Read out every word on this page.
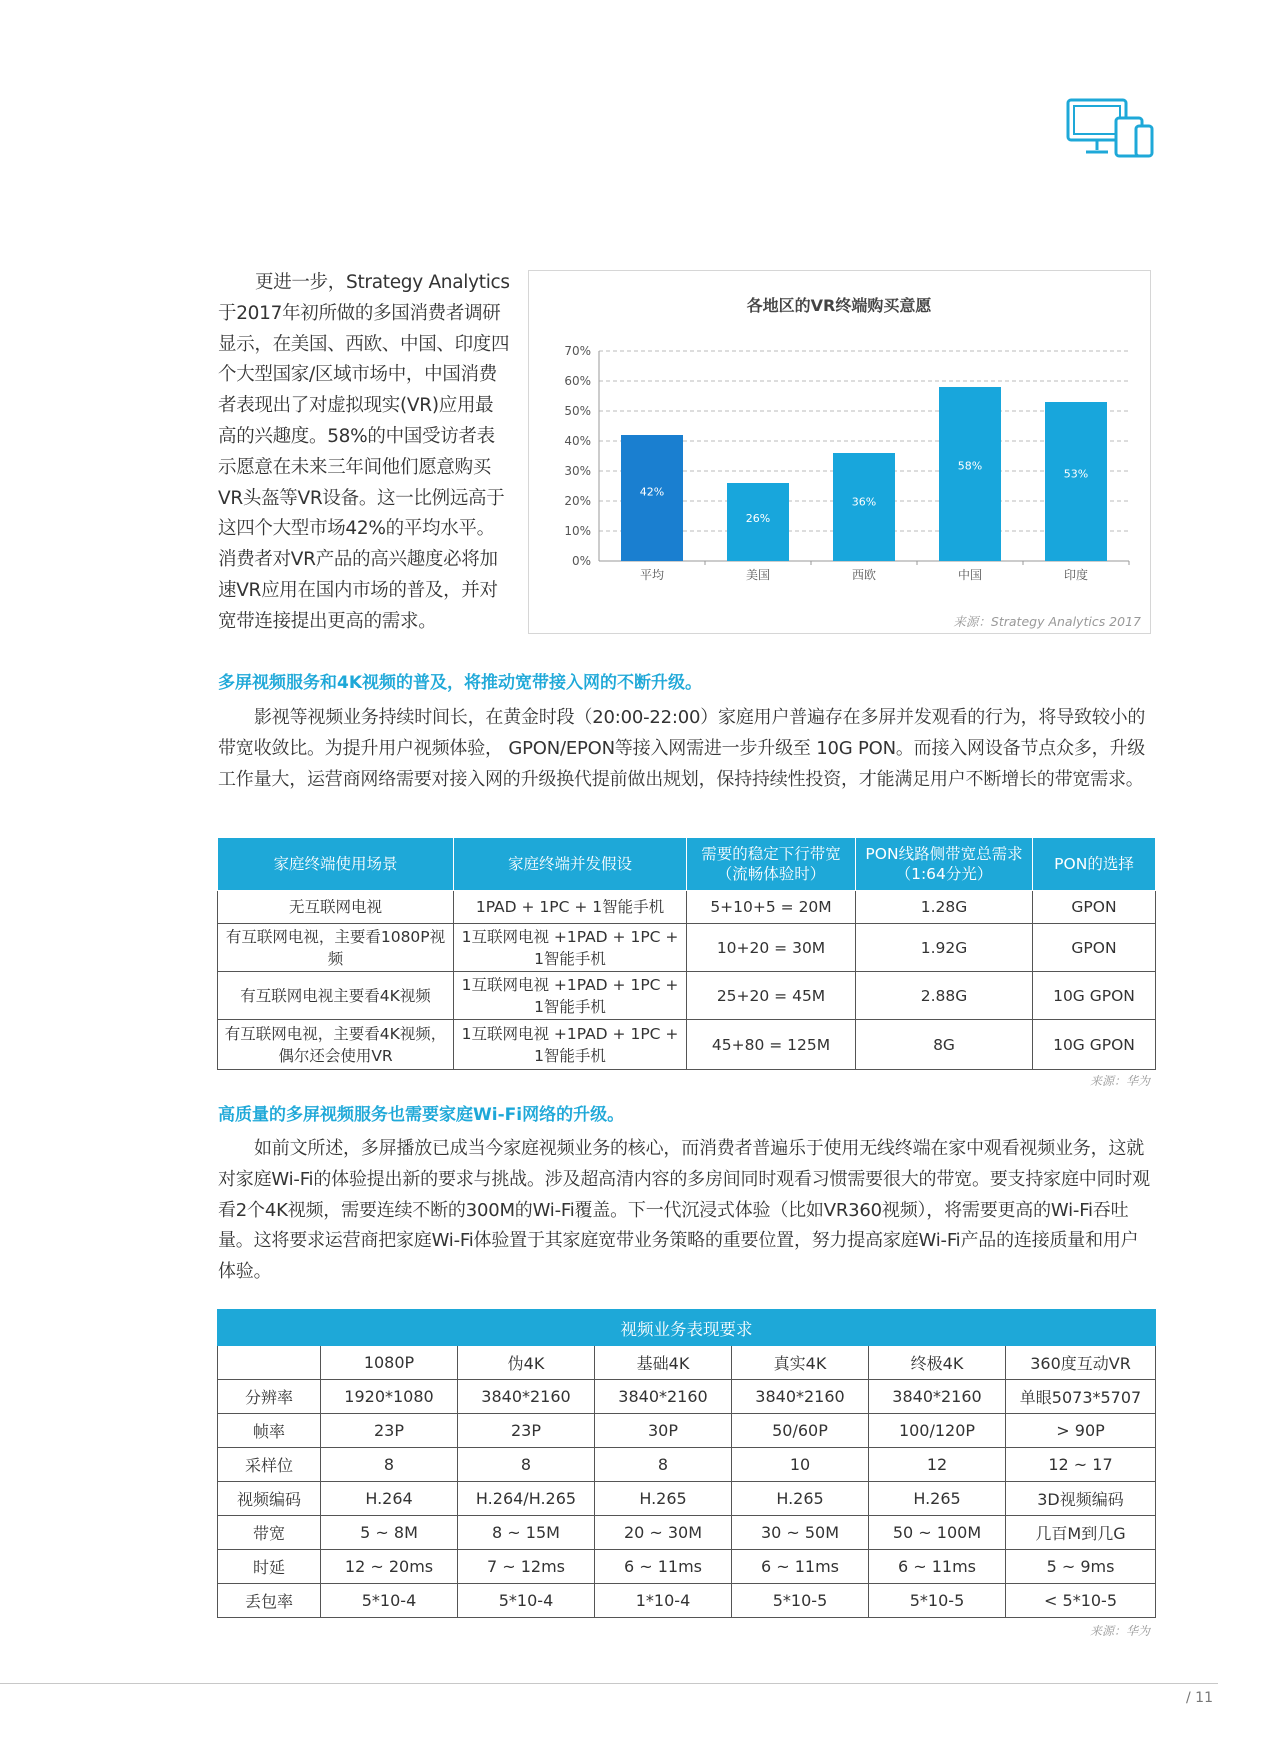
更进一步，Strategy Analytics于2017年初所做的多国消费者调研显示，在美国、西欧、中国、印度四个大型国家/区域市场中，中国消费者表现出了对虚拟现实(VR)应用最高的兴趣度。58%的中国受访者表示愿意在未来三年间他们愿意购买VR头盔等VR设备。这一比例远高于这四个大型市场42%的平均水平。消费者对VR产品的高兴趣度必将加速VR应用在国内市场的普及，并对宽带连接提出更高的需求。

各地区的VR终端购买意愿
0%
10%
20%
30%
40%
50%
60%
70%
42%
平均
26%
美国
36%
西欧
58%
中国
53%
印度
来源：Strategy Analytics 2017
多屏视频服务和4K视频的普及，将推动宽带接入网的不断升级。

影视等视频业务持续时间长，在黄金时段（20:00-22:00）家庭用户普遍存在多屏并发观看的行为，将导致较小的带宽收敛比。为提升用户视频体验， GPON/EPON等接入网需进一步升级至 10G PON。而接入网设备节点众多，升级工作量大，运营商网络需要对接入网的升级换代提前做出规划，保持持续性投资，才能满足用户不断增长的带宽需求。

家庭终端使用场景	家庭终端并发假设	需要的稳定下行带宽（流畅体验时）	PON线路侧带宽总需求（1:64分光）	PON的选择
无互联网电视	1PAD + 1PC + 1智能手机	5+10+5 = 20M	1.28G	GPON
有互联网电视，主要看1080P视频	1互联网电视 +1PAD + 1PC + 1智能手机	10+20 = 30M	1.92G	GPON
有互联网电视主要看4K视频	1互联网电视 +1PAD + 1PC + 1智能手机	25+20 = 45M	2.88G	10G GPON
有互联网电视，主要看4K视频，偶尔还会使用VR	1互联网电视 +1PAD + 1PC + 1智能手机	45+80 = 125M	8G	10G GPON
来源：华为
高质量的多屏视频服务也需要家庭Wi-Fi网络的升级。

如前文所述，多屏播放已成当今家庭视频业务的核心，而消费者普遍乐于使用无线终端在家中观看视频业务，这就对家庭Wi-Fi的体验提出新的要求与挑战。涉及超高清内容的多房间同时观看习惯需要很大的带宽。要支持家庭中同时观看2个4K视频，需要连续不断的300M的Wi-Fi覆盖。下一代沉浸式体验（比如VR360视频），将需要更高的Wi-Fi吞吐量。这将要求运营商把家庭Wi-Fi体验置于其家庭宽带业务策略的重要位置，努力提高家庭Wi-Fi产品的连接质量和用户体验。

视频业务表现要求						
	1080P	伪4K	基础4K	真实4K	终极4K	360度互动VR
分辨率	1920*1080	3840*2160	3840*2160	3840*2160	3840*2160	单眼5073*5707
帧率	23P	23P	30P	50/60P	100/120P	> 90P
采样位	8	8	8	10	12	12 ~ 17
视频编码	H.264	H.264/H.265	H.265	H.265	H.265	3D视频编码
带宽	5 ~ 8M	8 ~ 15M	20 ~ 30M	30 ~ 50M	50 ~ 100M	几百M到几G
时延	12 ~ 20ms	7 ~ 12ms	6 ~ 11ms	6 ~ 11ms	6 ~ 11ms	5 ~ 9ms
丢包率	5*10-4	5*10-4	1*10-4	5*10-5	5*10-5	< 5*10-5
来源：华为
/ 11
